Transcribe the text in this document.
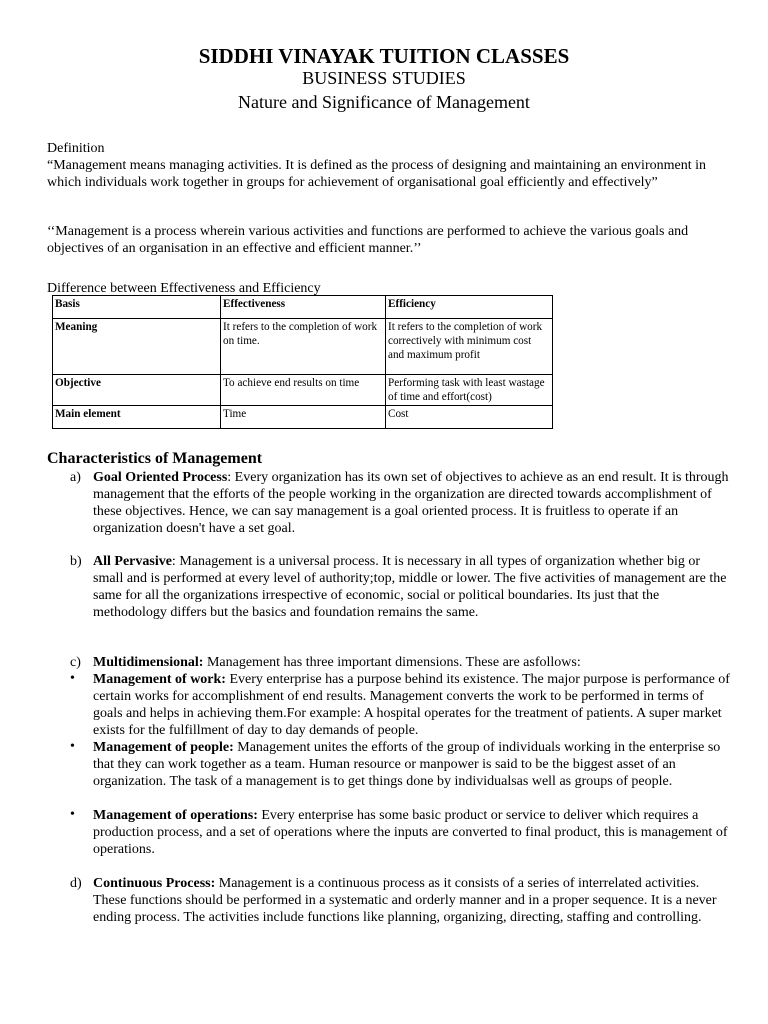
SIDDHI VINAYAK TUITION CLASSES
BUSINESS STUDIES
Nature and Significance of Management
Definition
“Management means managing activities. It is defined as the process of designing and maintaining an environment in which individuals work together in groups for achievement of organisational goal efficiently and effectively”
‘‘Management is a process wherein various activities and functions are performed to achieve the various goals and objectives of an organisation in an effective and efficient manner.’’
Difference between Effectiveness and Efficiency
Basis	Effectiveness	Efficiency
Meaning	It refers to the completion of work on time.	It refers to the completion of work correctively with minimum cost and maximum profit
Objective	To achieve end results on time	Performing task with least wastage of time and effort(cost)
Main element	Time	Cost
Characteristics of Management
a) Goal Oriented Process: Every organization has its own set of objectives to achieve as an end result. It is through management that the efforts of the people working in the organization are directed towards accomplishment of these objectives. Hence, we can say management is a goal oriented process. It is fruitless to operate if an organization doesn't have a set goal.
b) All Pervasive: Management is a universal process. It is necessary in all types of organization whether big or small and is performed at every level of authority;top, middle or lower. The five activities of management are the same for all the organizations irrespective of economic, social or political boundaries. Its just that the methodology differs but the basics and foundation remains the same.
c) Multidimensional: Management has three important dimensions. These are asfollows:
• Management of work: Every enterprise has a purpose behind its existence. The major purpose is performance of certain works for accomplishment of end results. Management converts the work to be performed in terms of goals and helps in achieving them.For example: A hospital operates for the treatment of patients. A super market exists for the fulfillment of day to day demands of people.
• Management of people: Management unites the efforts of the group of individuals working in the enterprise so that they can work together as a team. Human resource or manpower is said to be the biggest asset of an organization. The task of a management is to get things done by individualsas well as groups of people.
• Management of operations: Every enterprise has some basic product or service to deliver which requires a production process, and a set of operations where the inputs are converted to final product, this is management of operations.
d) Continuous Process: Management is a continuous process as it consists of a series of interrelated activities. These functions should be performed in a systematic and orderly manner and in a proper sequence. It is a never ending process. The activities include functions like planning, organizing, directing, staffing and controlling.
